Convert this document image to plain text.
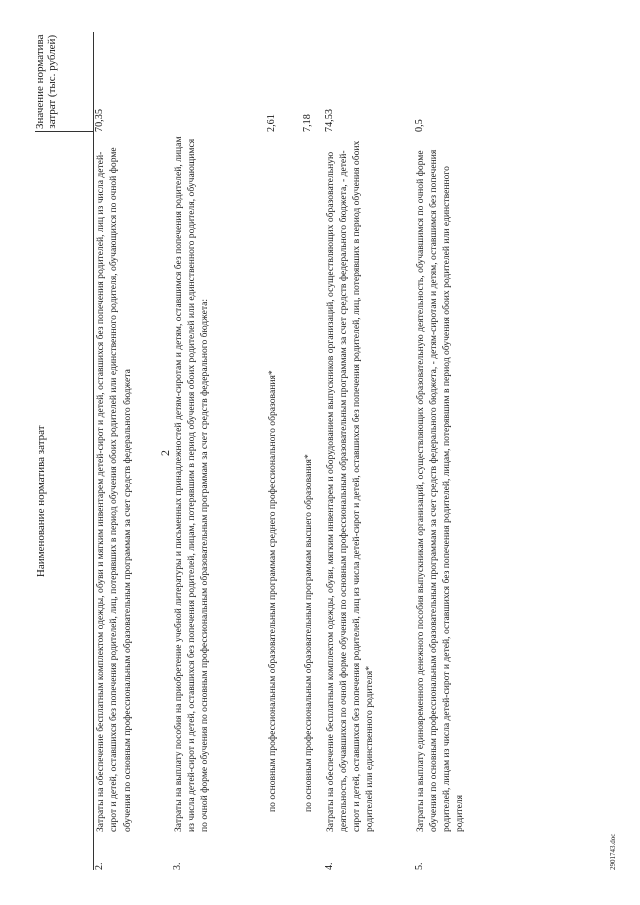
2
Наименование норматива затрат		Значение норматива
затрат (тыс. рублей)
2.	Затраты на обеспечение бесплатным комплектом одежды, обуви и мягким инвентарем детей-сирот и детей, оставшихся без попечения родителей, лиц из числа детей-сирот и детей, оставшихся без попечения родителей, лиц, потерявших в период обучения обоих родителей или единственного родителя, обучающихся по очной форме обучения по основным профессиональным образовательным программам за счет средств федерального бюджета	70,35
3.	Затраты на выплату пособия на приобретение учебной литературы и письменных принадлежностей детям-сиротам и детям, оставшимся без попечения родителей, лицам из числа детей-сирот и детей, оставшихся без попечения родителей, лицам, потерявшим в период обучения обоих родителей или единственного родителя, обучающимся по очной форме обучения по основным профессиональным образовательным программам за счет средств федерального бюджета:	
	по основным профессиональным образовательным программам среднего профессионального образования*	2,61
	по основным профессиональным образовательным программам высшего образования*	7,18
4.	Затраты на обеспечение бесплатным комплектом одежды, обуви, мягким инвентарем и оборудованием выпускников организаций, осуществляющих образовательную деятельность, обучавшихся по очной форме обучения по основным профессиональным образовательным программам за счет средств федерального бюджета, - детей-сирот и детей, оставшихся без попечения родителей, лиц из числа детей-сирот и детей, оставшихся без попечения родителей, лиц, потерявших в период обучения обоих родителей или единственного родителя*	74,53
5.	Затраты на выплату единовременного денежного пособия выпускникам организаций, осуществляющих образовательную деятельность, обучавшимся по очной форме обучения по основным профессиональным образовательным программам за счет средств федерального бюджета, - детям-сиротам и детям, оставшимся без попечения родителей, лицам из числа детей-сирот и детей, оставшихся без попечения родителей, лицам, потерявшим в период обучения обоих родителей или единственного родителя	0,5
2901743.doc
